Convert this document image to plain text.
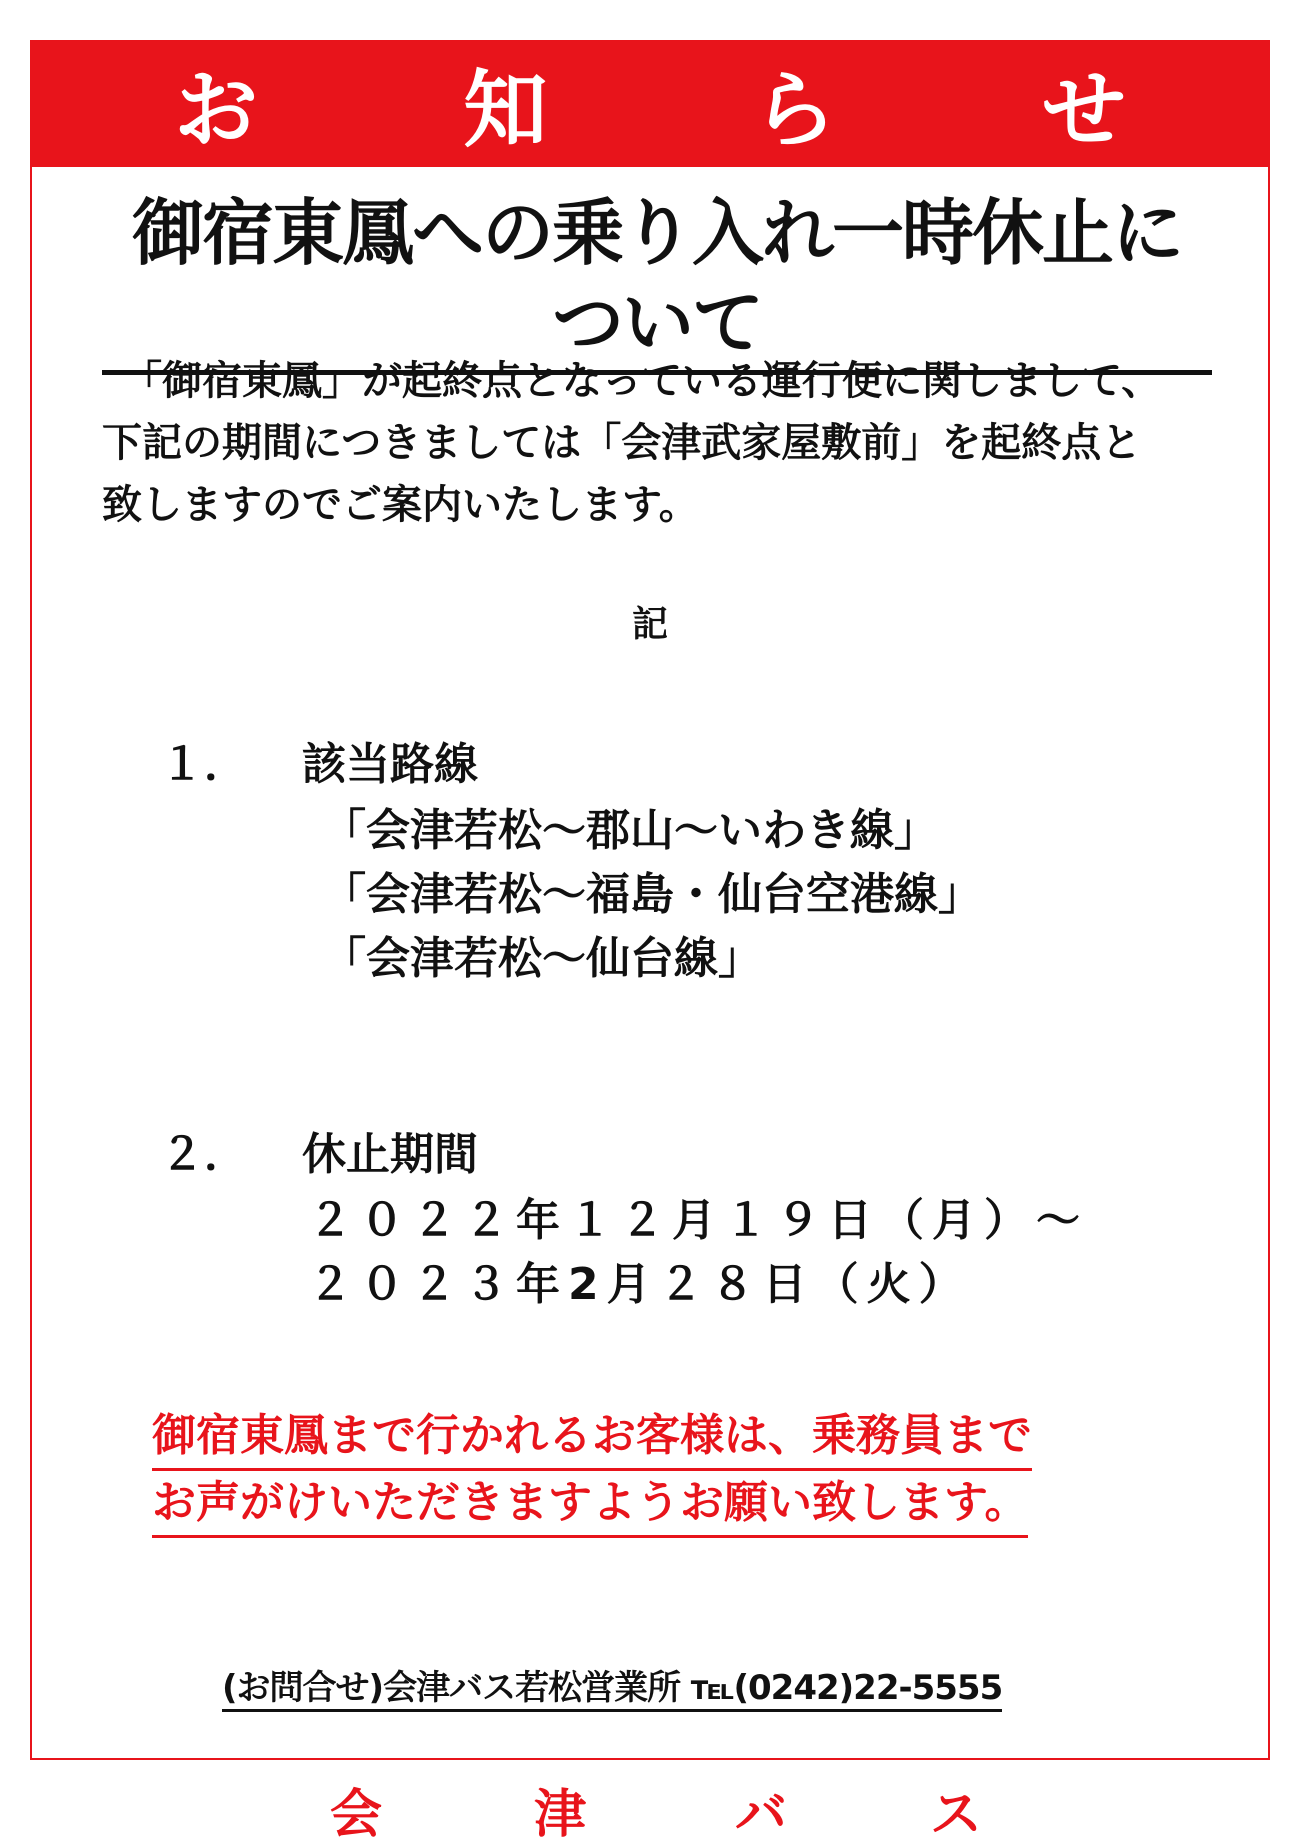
お 知 ら せ
御宿東鳳への乗り入れ一時休止について

　「御宿東鳳」が起終点となっている運行便に関しまして、

下記の期間につきましては「会津武家屋敷前」を起終点と

致しますのでご案内いたします。

記
１． 該当路線
「会津若松～郡山～いわき線」
「会津若松～福島・仙台空港線」
「会津若松～仙台線」
２． 休止期間
２０２２年１２月１９日（月）～
２０２３年2月２８日（火）
御宿東鳳まで行かれるお客様は、乗務員まで
お声がけいただきますようお願い致します。
(お問合せ)会津バス若松営業所 ℡(0242)22-5555
会	津	バ	ス
